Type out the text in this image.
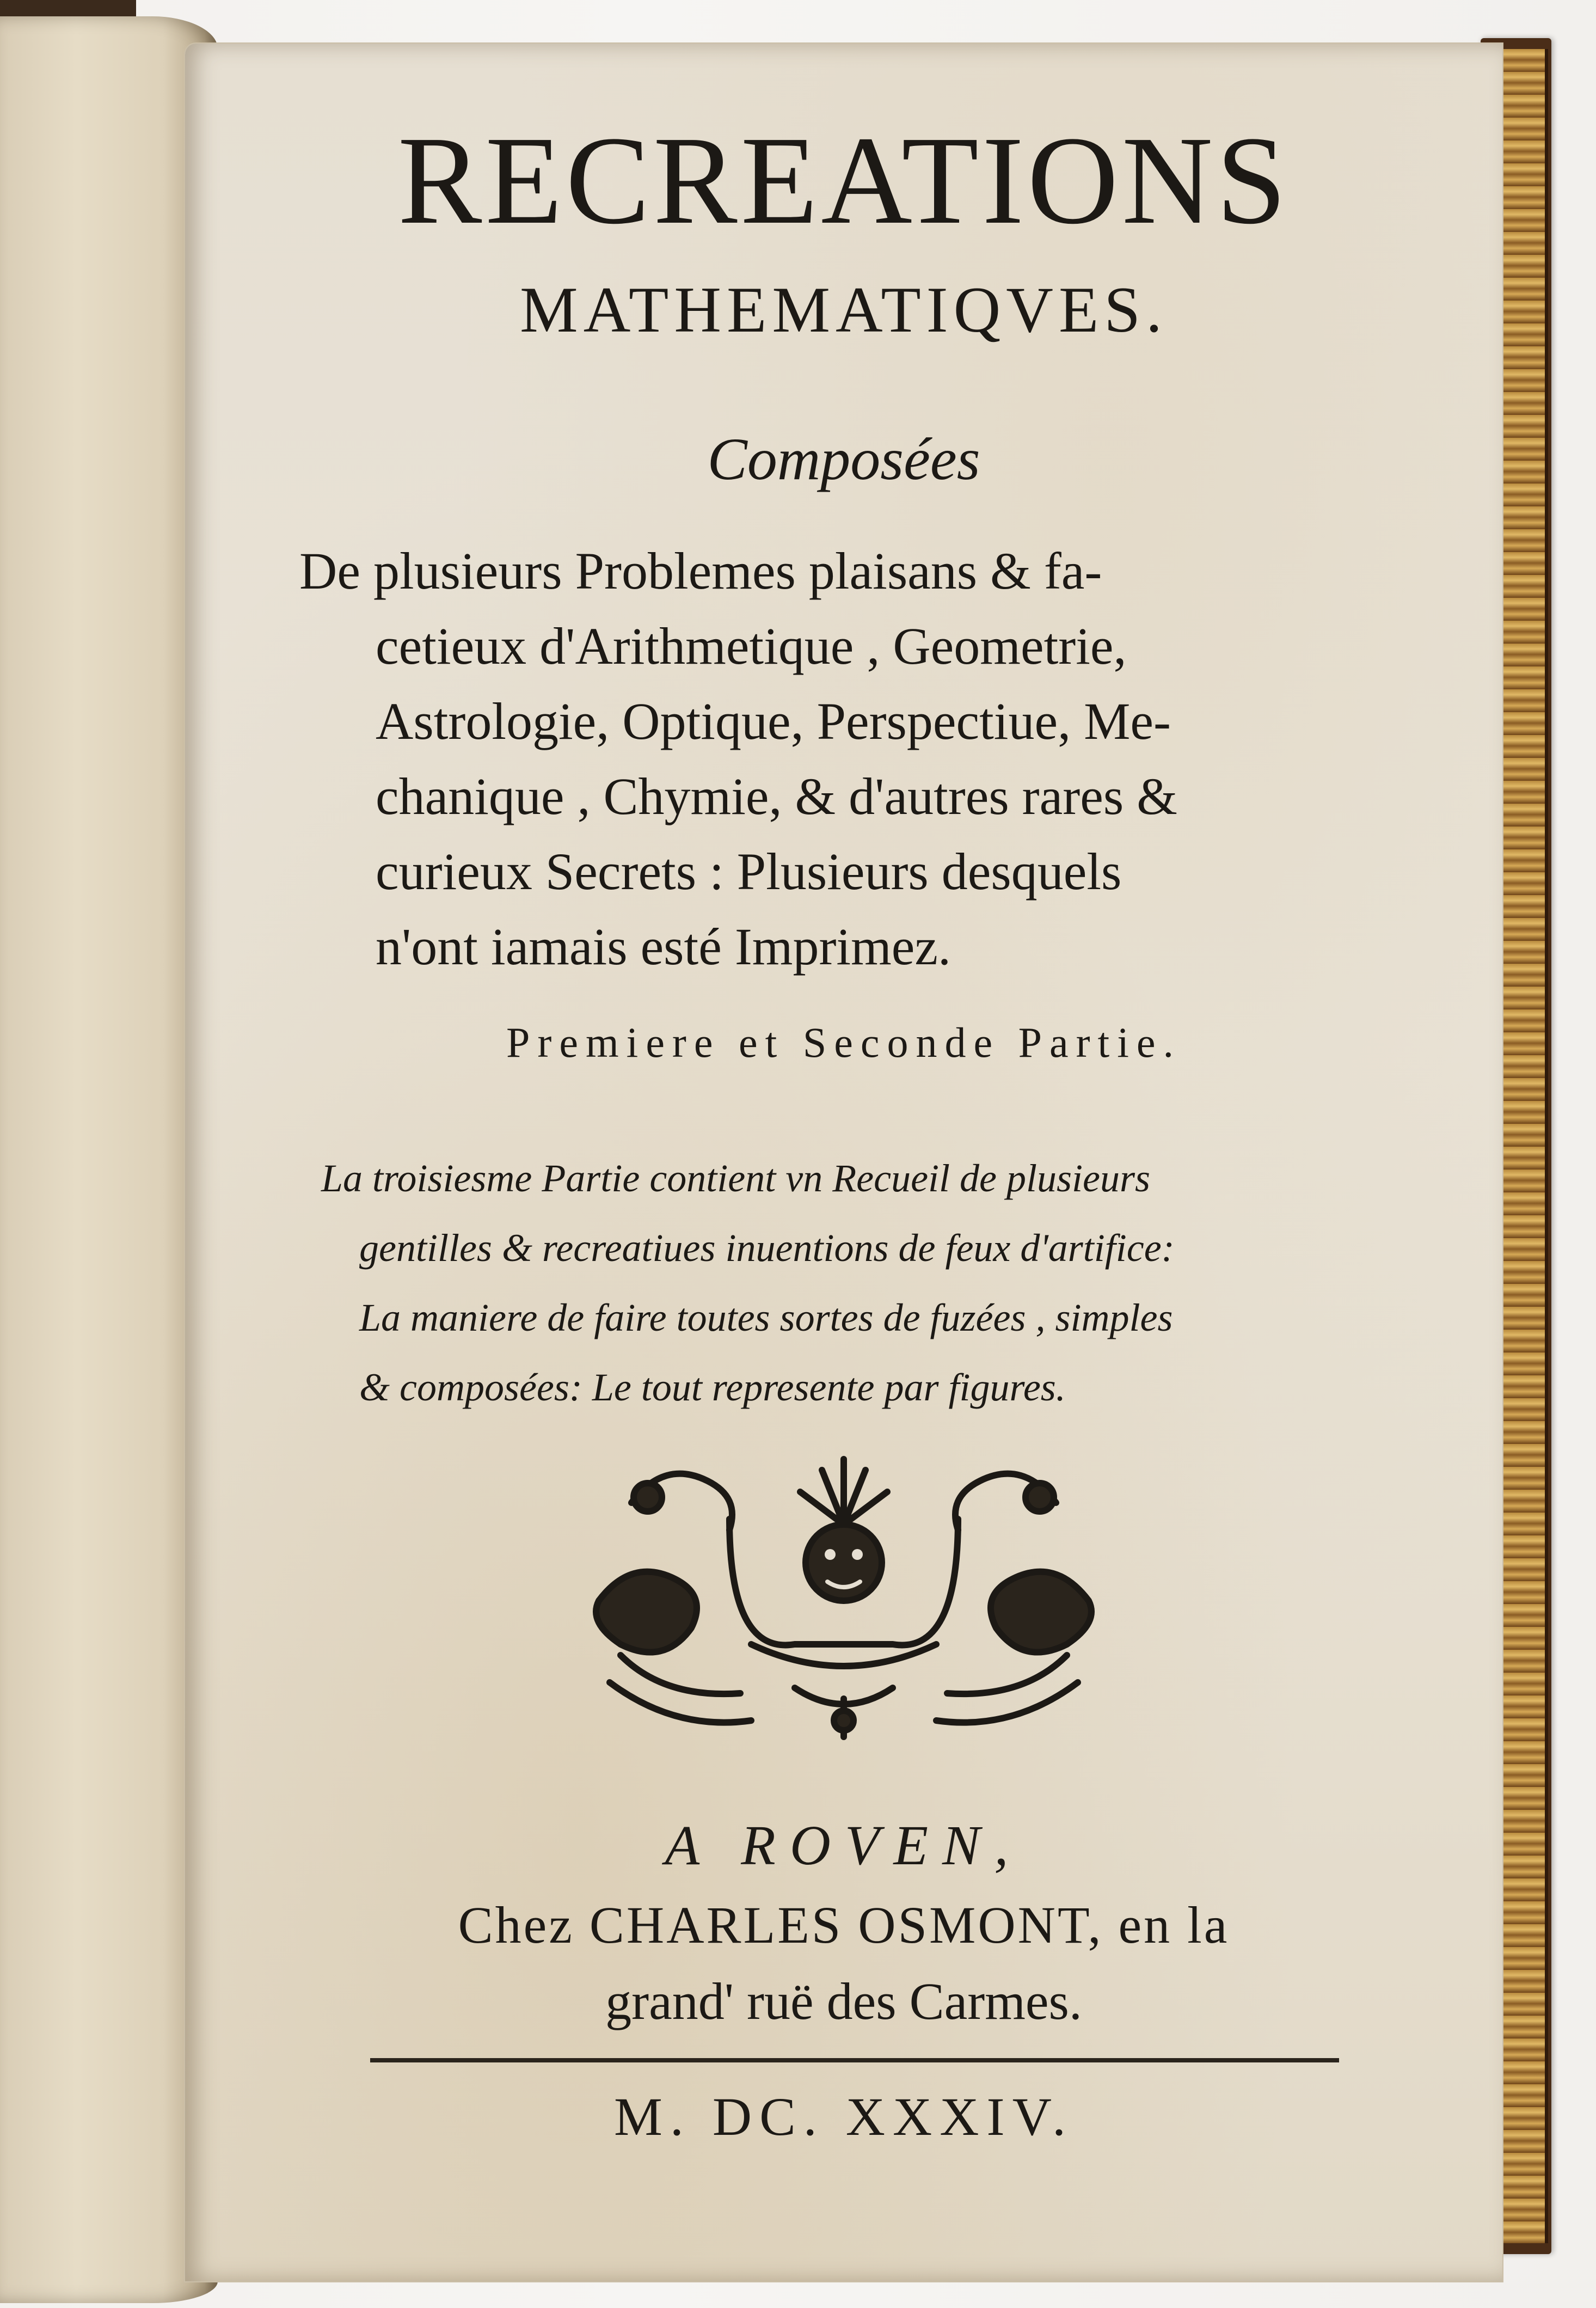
RECREATIONS
MATHEMATIQVES.
Composées
De plusieurs Problemes plaisans & fa-
cetieux d'Arithmetique , Geometrie,
Astrologie, Optique, Perspectiue, Me-
chanique , Chymie, & d'autres rares &
curieux Secrets : Plusieurs desquels
n'ont iamais esté Imprimez.
Premiere et Seconde Partie.
La troisiesme Partie contient vn Recueil de plusieurs
gentilles & recreatiues inuentions de feux d'artifice:
La maniere de faire toutes sortes de fuzées , simples
& composées: Le tout represente par figures.
A ROVEN,
Chez CHARLES OSMONT, en la
grand' ruë des Carmes.
M. DC. XXXIV.
